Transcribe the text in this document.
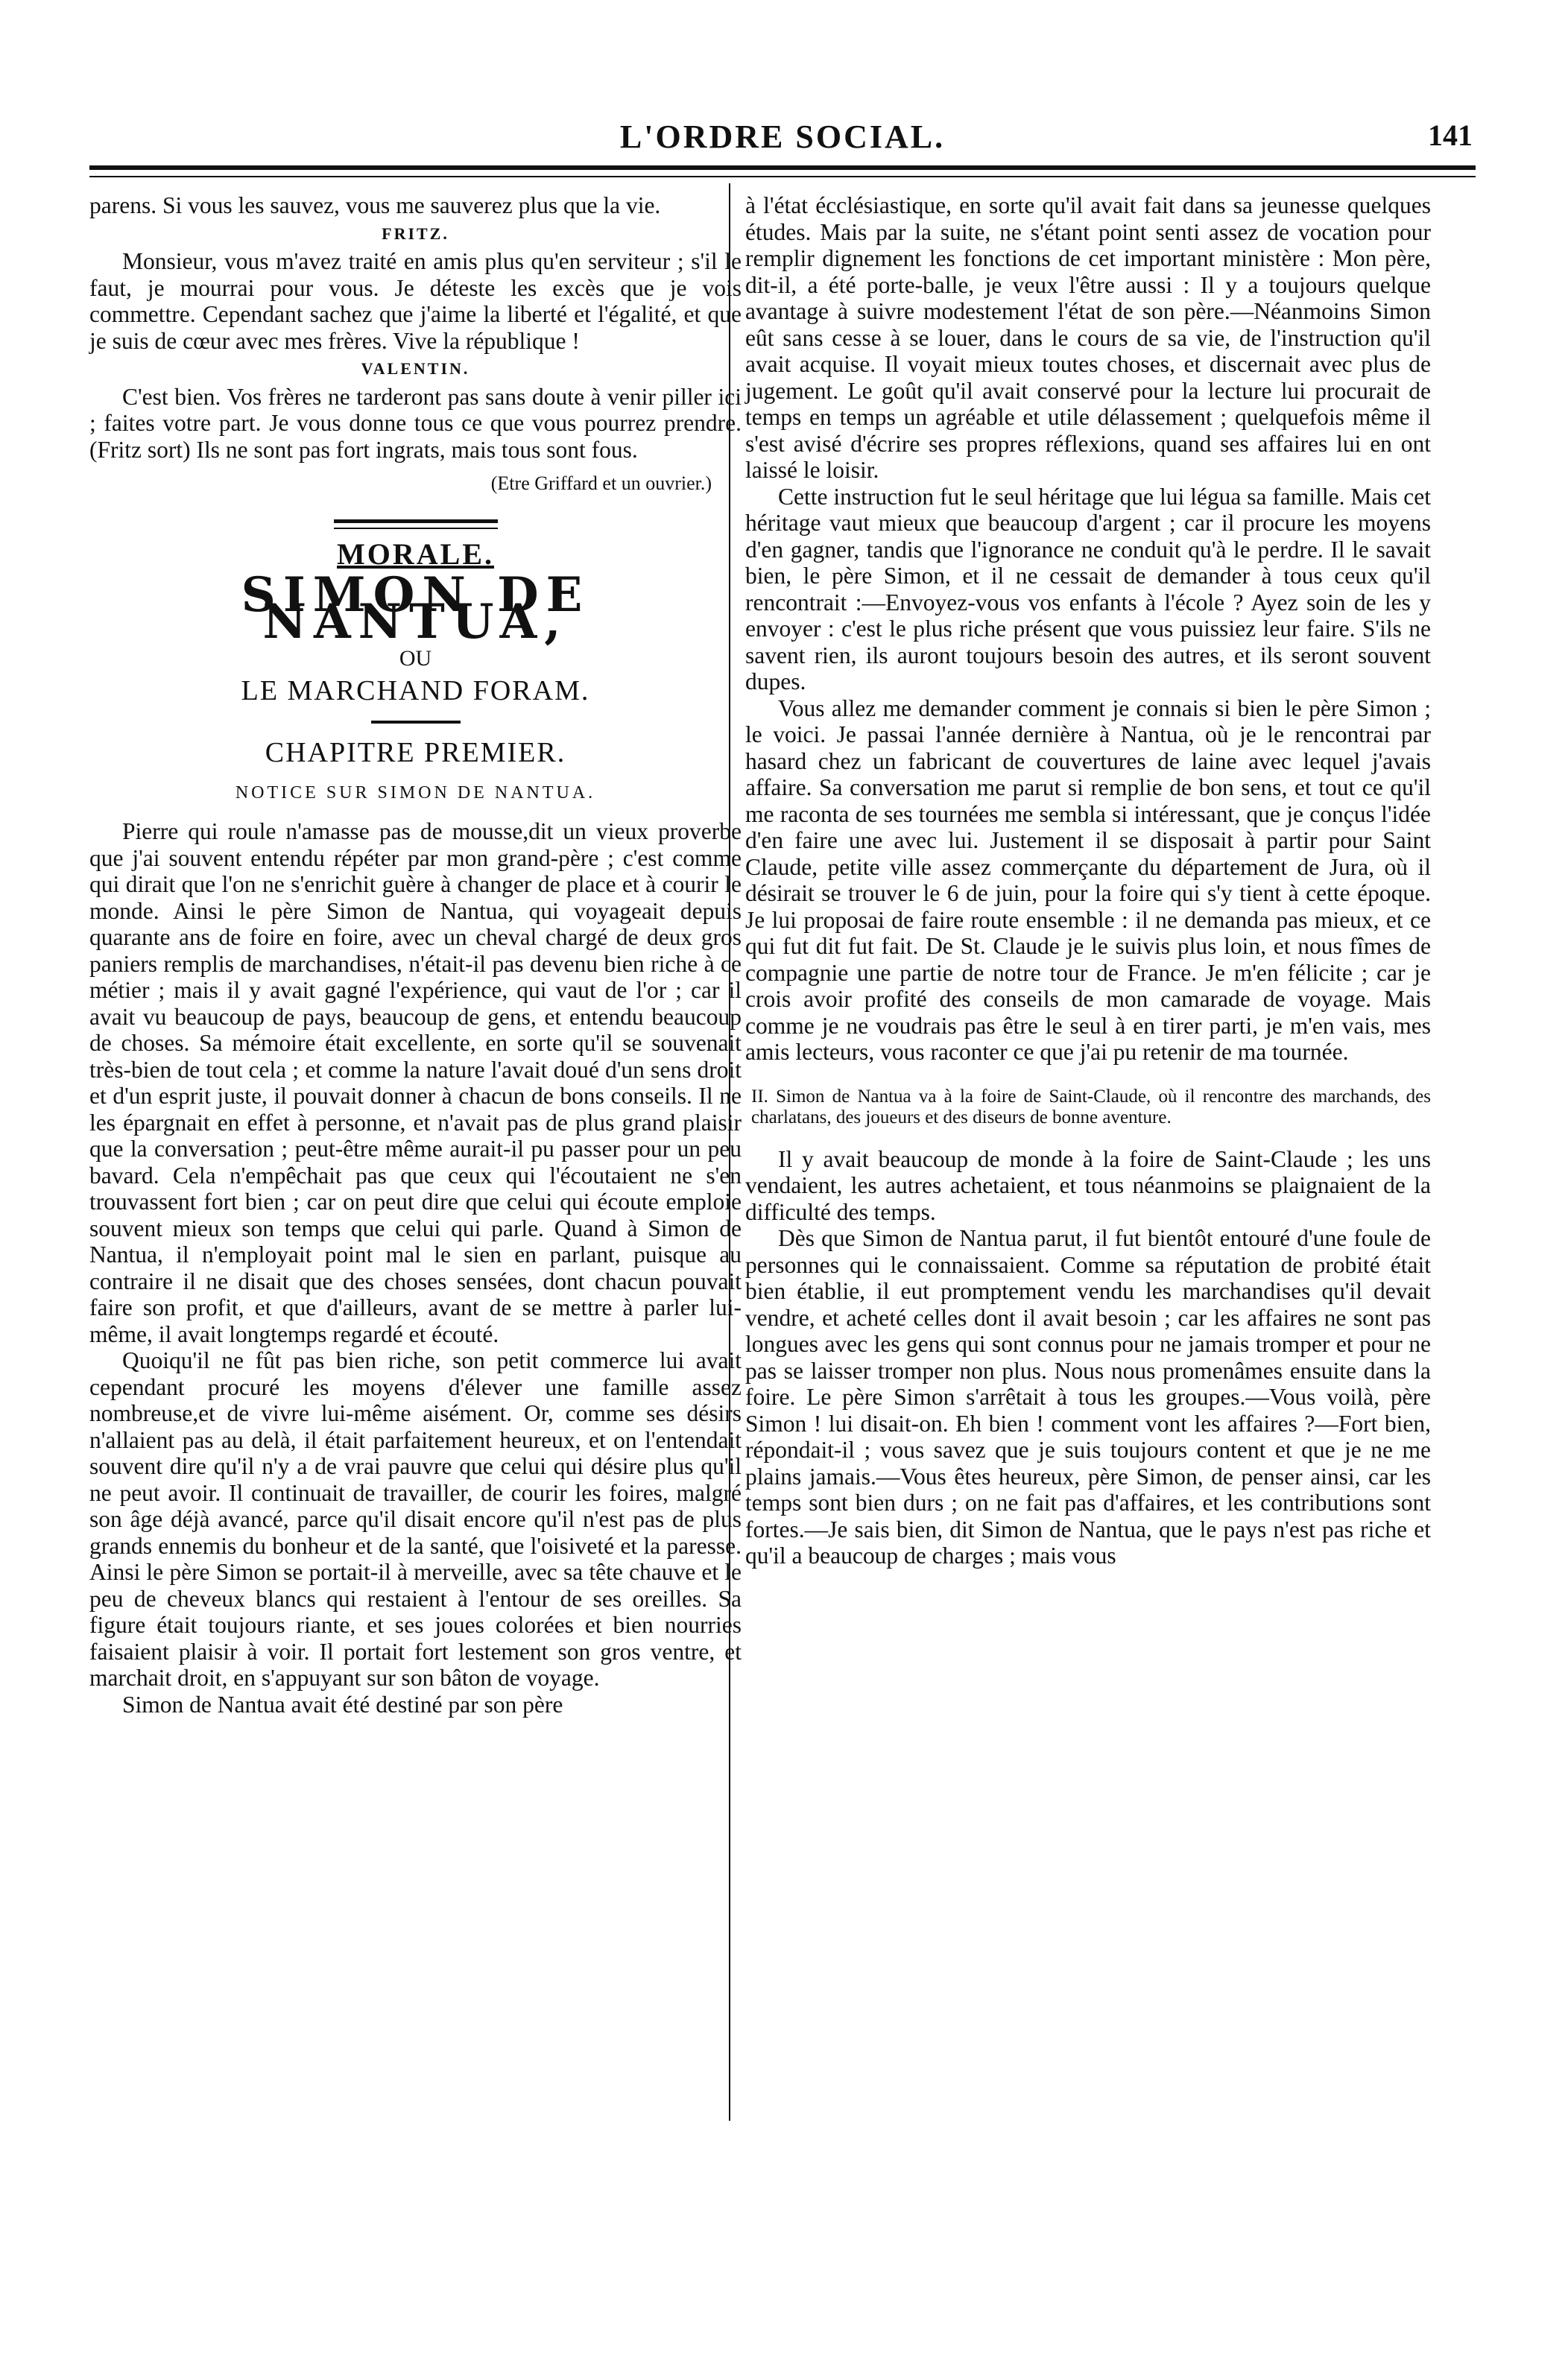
L'ORDRE SOCIAL.	141

parens. Si vous les sauvez, vous me sauverez plus que la vie.

FRITZ.

Monsieur, vous m'avez traité en amis plus qu'en serviteur ; s'il le faut, je mourrai pour vous. Je déteste les excès que je vois commettre. Cependant sachez que j'aime la liberté et l'égalité, et que je suis de cœur avec mes frères. Vive la république !

VALENTIN.

C'est bien. Vos frères ne tarderont pas sans doute à venir piller ici ; faites votre part. Je vous donne tous ce que vous pourrez prendre. (Fritz sort) Ils ne sont pas fort ingrats, mais tous sont fous.

(Etre Griffard et un ouvrier.)

MORALE.
SIMON DE NANTUA,
OU
LE MARCHAND FORAM.
CHAPITRE PREMIER.
NOTICE SUR SIMON DE NANTUA.

Pierre qui roule n'amasse pas de mousse,dit un vieux proverbe que j'ai souvent entendu répéter par mon grand-père ; c'est comme qui dirait que l'on ne s'enrichit guère à changer de place et à courir le monde. Ainsi le père Simon de Nantua, qui voyageait depuis quarante ans de foire en foire, avec un cheval chargé de deux gros paniers remplis de marchandises, n'était-il pas devenu bien riche à ce métier ; mais il y avait gagné l'expérience, qui vaut de l'or ; car il avait vu beaucoup de pays, beaucoup de gens, et entendu beaucoup de choses. Sa mémoire était excellente, en sorte qu'il se souvenait très-bien de tout cela ; et comme la nature l'avait doué d'un sens droit et d'un esprit juste, il pouvait donner à chacun de bons conseils. Il ne les épargnait en effet à personne, et n'avait pas de plus grand plaisir que la conversation ; peut-être même aurait-il pu passer pour un peu bavard. Cela n'empêchait pas que ceux qui l'écoutaient ne s'en trouvassent fort bien ; car on peut dire que celui qui écoute emploie souvent mieux son temps que celui qui parle. Quand à Simon de Nantua, il n'employait point mal le sien en parlant, puisque au contraire il ne disait que des choses sensées, dont chacun pouvait faire son profit, et que d'ailleurs, avant de se mettre à parler lui-même, il avait longtemps regardé et écouté.

Quoiqu'il ne fût pas bien riche, son petit commerce lui avait cependant procuré les moyens d'élever une famille assez nombreuse,et de vivre lui-même aisément. Or, comme ses désirs n'allaient pas au delà, il était parfaitement heureux, et on l'entendait souvent dire qu'il n'y a de vrai pauvre que celui qui désire plus qu'il ne peut avoir. Il continuait de travailler, de courir les foires, malgré son âge déjà avancé, parce qu'il disait encore qu'il n'est pas de plus grands ennemis du bonheur et de la santé, que l'oisiveté et la paresse. Ainsi le père Simon se portait-il à merveille, avec sa tête chauve et le peu de cheveux blancs qui restaient à l'entour de ses oreilles. Sa figure était toujours riante, et ses joues colorées et bien nourries faisaient plaisir à voir. Il portait fort lestement son gros ventre, et marchait droit, en s'appuyant sur son bâton de voyage.

Simon de Nantua avait été destiné par son père

à l'état écclésiastique, en sorte qu'il avait fait dans sa jeunesse quelques études. Mais par la suite, ne s'étant point senti assez de vocation pour remplir dignement les fonctions de cet important ministère : Mon père, dit-il, a été porte-balle, je veux l'être aussi : Il y a toujours quelque avantage à suivre modestement l'état de son père.—Néanmoins Simon eût sans cesse à se louer, dans le cours de sa vie, de l'instruction qu'il avait acquise. Il voyait mieux toutes choses, et discernait avec plus de jugement. Le goût qu'il avait conservé pour la lecture lui procurait de temps en temps un agréable et utile délassement ; quelquefois même il s'est avisé d'écrire ses propres réflexions, quand ses affaires lui en ont laissé le loisir.

Cette instruction fut le seul héritage que lui légua sa famille. Mais cet héritage vaut mieux que beaucoup d'argent ; car il procure les moyens d'en gagner, tandis que l'ignorance ne conduit qu'à le perdre. Il le savait bien, le père Simon, et il ne cessait de demander à tous ceux qu'il rencontrait :—Envoyez-vous vos enfants à l'école ? Ayez soin de les y envoyer : c'est le plus riche présent que vous puissiez leur faire. S'ils ne savent rien, ils auront toujours besoin des autres, et ils seront souvent dupes.

Vous allez me demander comment je connais si bien le père Simon ; le voici. Je passai l'année dernière à Nantua, où je le rencontrai par hasard chez un fabricant de couvertures de laine avec lequel j'avais affaire. Sa conversation me parut si remplie de bon sens, et tout ce qu'il me raconta de ses tournées me sembla si intéressant, que je conçus l'idée d'en faire une avec lui. Justement il se disposait à partir pour Saint Claude, petite ville assez commerçante du département de Jura, où il désirait se trouver le 6 de juin, pour la foire qui s'y tient à cette époque. Je lui proposai de faire route ensemble : il ne demanda pas mieux, et ce qui fut dit fut fait. De St. Claude je le suivis plus loin, et nous fîmes de compagnie une partie de notre tour de France. Je m'en félicite ; car je crois avoir profité des conseils de mon camarade de voyage. Mais comme je ne voudrais pas être le seul à en tirer parti, je m'en vais, mes amis lecteurs, vous raconter ce que j'ai pu retenir de ma tournée.

II. Simon de Nantua va à la foire de Saint-Claude, où il rencontre des marchands, des charlatans, des joueurs et des diseurs de bonne aventure.

Il y avait beaucoup de monde à la foire de Saint-Claude ; les uns vendaient, les autres achetaient, et tous néanmoins se plaignaient de la difficulté des temps.

Dès que Simon de Nantua parut, il fut bientôt entouré d'une foule de personnes qui le connaissaient. Comme sa réputation de probité était bien établie, il eut promptement vendu les marchandises qu'il devait vendre, et acheté celles dont il avait besoin ; car les affaires ne sont pas longues avec les gens qui sont connus pour ne jamais tromper et pour ne pas se laisser tromper non plus. Nous nous promenâmes ensuite dans la foire. Le père Simon s'arrêtait à tous les groupes.—Vous voilà, père Simon ! lui disait-on. Eh bien ! comment vont les affaires ?—Fort bien, répondait-il ; vous savez que je suis toujours content et que je ne me plains jamais.—Vous êtes heureux, père Simon, de penser ainsi, car les temps sont bien durs ; on ne fait pas d'affaires, et les contributions sont fortes.—Je sais bien, dit Simon de Nantua, que le pays n'est pas riche et qu'il a beaucoup de charges ; mais vous
